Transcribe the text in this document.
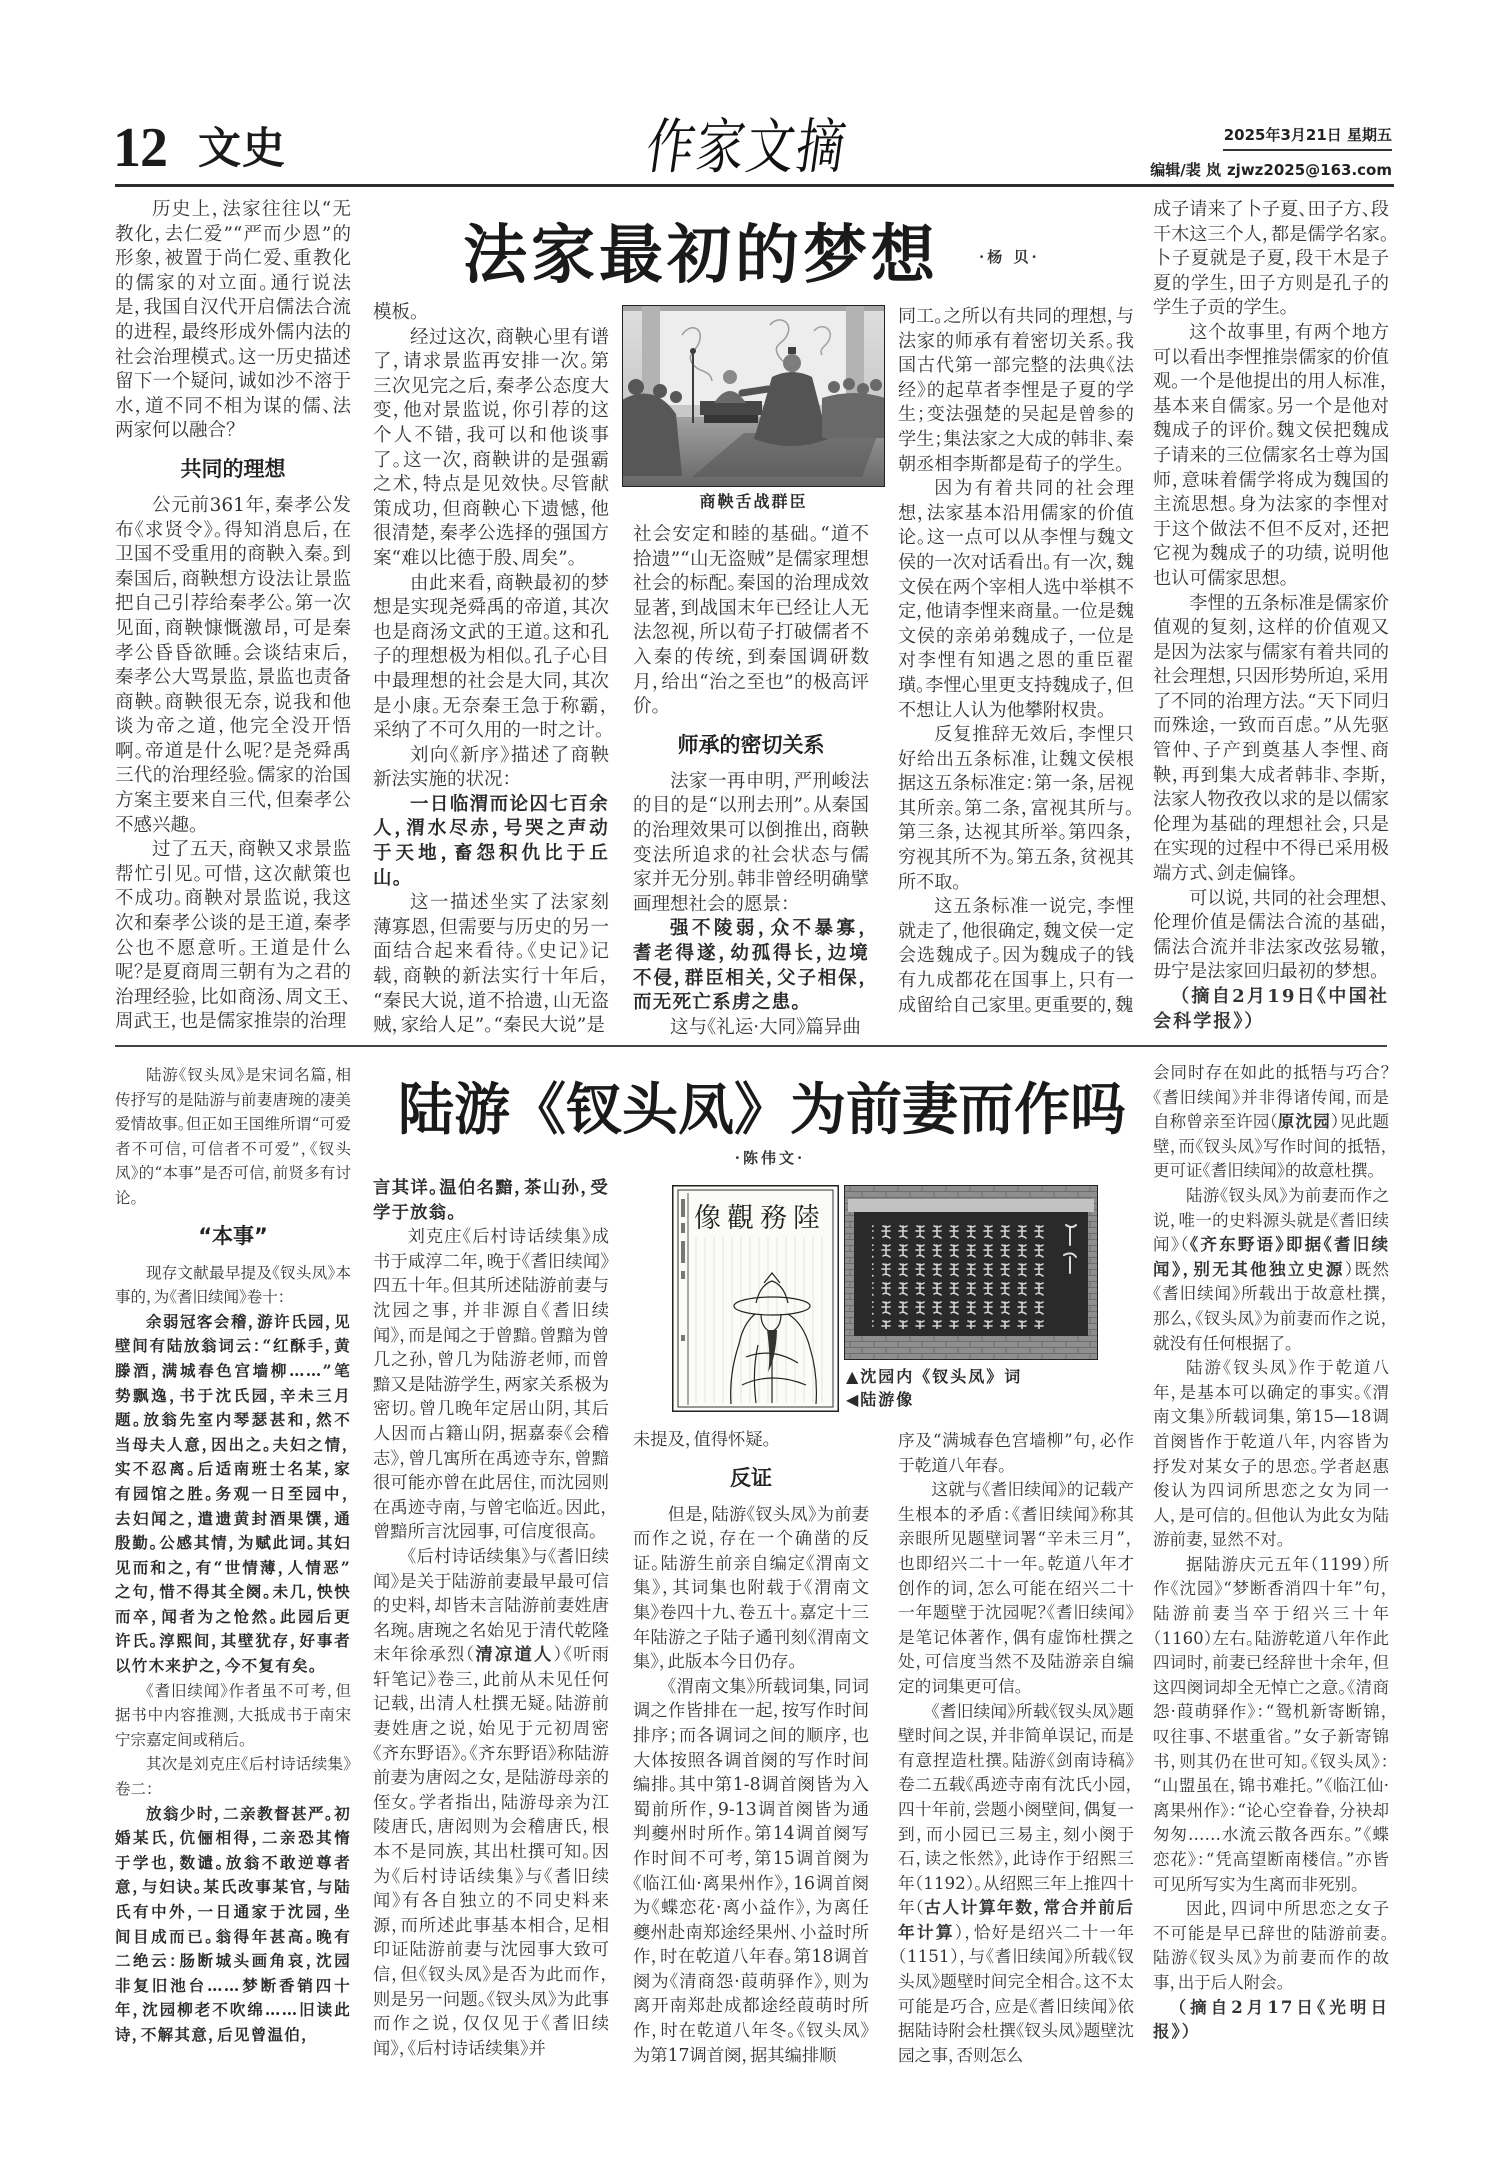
12 文史	作家文摘	2025年3月21日 星期五
编辑/裴 岚 zjwz2025@163.com
法家最初的梦想	·杨 贝·

历史上，法家往往以“无教化，去仁爱”“严而少恩”的形象，被置于尚仁爱、重教化的儒家的对立面。通行说法是，我国自汉代开启儒法合流的进程，最终形成外儒内法的社会治理模式。这一历史描述留下一个疑问，诚如沙不溶于水，道不同不相为谋的儒、法两家何以融合？

共同的理想

公元前361年，秦孝公发布《求贤令》。得知消息后，在卫国不受重用的商鞅入秦。到秦国后，商鞅想方设法让景监把自己引荐给秦孝公。第一次见面，商鞅慷慨激昂，可是秦孝公昏昏欲睡。会谈结束后，秦孝公大骂景监，景监也责备商鞅。商鞅很无奈，说我和他谈为帝之道，他完全没开悟啊。帝道是什么呢？是尧舜禹三代的治理经验。儒家的治国方案主要来自三代，但秦孝公不感兴趣。

过了五天，商鞅又求景监帮忙引见。可惜，这次献策也不成功。商鞅对景监说，我这次和秦孝公谈的是王道，秦孝公也不愿意听。王道是什么呢？是夏商周三朝有为之君的治理经验，比如商汤、周文王、周武王，也是儒家推崇的治理

模板。

经过这次，商鞅心里有谱了，请求景监再安排一次。第三次见完之后，秦孝公态度大变，他对景监说，你引荐的这个人不错，我可以和他谈事了。这一次，商鞅讲的是强霸之术，特点是见效快。尽管献策成功，但商鞅心下遗憾，他很清楚，秦孝公选择的强国方案“难以比德于殷、周矣”。

由此来看，商鞅最初的梦想是实现尧舜禹的帝道，其次也是商汤文武的王道。这和孔子的理想极为相似。孔子心目中最理想的社会是大同，其次是小康。无奈秦王急于称霸，采纳了不可久用的一时之计。

刘向《新序》描述了商鞅新法实施的状况：

一日临渭而论囚七百余人，渭水尽赤，号哭之声动于天地，畜怨积仇比于丘山。

这一描述坐实了法家刻薄寡恩，但需要与历史的另一面结合起来看待。《史记》记载，商鞅的新法实行十年后，“秦民大说，道不拾遗，山无盗贼，家给人足”。“秦民大说”是

商鞅舌战群臣

社会安定和睦的基础。“道不拾遗”“山无盗贼”是儒家理想社会的标配。秦国的治理成效显著，到战国末年已经让人无法忽视，所以荀子打破儒者不入秦的传统，到秦国调研数月，给出“治之至也”的极高评价。

师承的密切关系

法家一再申明，严刑峻法的目的是“以刑去刑”。从秦国的治理效果可以倒推出，商鞅变法所追求的社会状态与儒家并无分别。韩非曾经明确擘画理想社会的愿景：

强不陵弱，众不暴寡，耆老得遂，幼孤得长，边境不侵，群臣相关，父子相保，而无死亡系虏之患。

这与《礼运·大同》篇异曲

同工。之所以有共同的理想，与法家的师承有着密切关系。我国古代第一部完整的法典《法经》的起草者李悝是子夏的学生；变法强楚的吴起是曾参的学生；集法家之大成的韩非、秦朝丞相李斯都是荀子的学生。

因为有着共同的社会理想，法家基本沿用儒家的价值论。这一点可以从李悝与魏文侯的一次对话看出。有一次，魏文侯在两个宰相人选中举棋不定，他请李悝来商量。一位是魏文侯的亲弟弟魏成子，一位是对李悝有知遇之恩的重臣翟璜。李悝心里更支持魏成子，但不想让人认为他攀附权贵。

反复推辞无效后，李悝只好给出五条标准，让魏文侯根据这五条标准定：第一条，居视其所亲。第二条，富视其所与。第三条，达视其所举。第四条，穷视其所不为。第五条，贫视其所不取。

这五条标准一说完，李悝就走了，他很确定，魏文侯一定会选魏成子。因为魏成子的钱有九成都花在国事上，只有一成留给自己家里。更重要的，魏

成子请来了卜子夏、田子方、段干木这三个人，都是儒学名家。卜子夏就是子夏，段干木是子夏的学生，田子方则是孔子的学生子贡的学生。

这个故事里，有两个地方可以看出李悝推崇儒家的价值观。一个是他提出的用人标准，基本来自儒家。另一个是他对魏成子的评价。魏文侯把魏成子请来的三位儒家名士尊为国师，意味着儒学将成为魏国的主流思想。身为法家的李悝对于这个做法不但不反对，还把它视为魏成子的功绩，说明他也认可儒家思想。

李悝的五条标准是儒家价值观的复刻，这样的价值观又是因为法家与儒家有着共同的社会理想，只因形势所迫，采用了不同的治理方法。“天下同归而殊途，一致而百虑。”从先驱管仲、子产到奠基人李悝、商鞅，再到集大成者韩非、李斯，法家人物孜孜以求的是以儒家伦理为基础的理想社会，只是在实现的过程中不得已采用极端方式、剑走偏锋。

可以说，共同的社会理想、伦理价值是儒法合流的基础，儒法合流并非法家改弦易辙，毋宁是法家回归最初的梦想。

（摘自2月19日《中国社会科学报》）

陆游《钗头凤》为前妻而作吗
·陈伟文·

陆游《钗头凤》是宋词名篇，相传抒写的是陆游与前妻唐琬的凄美爱情故事。但正如王国维所谓“可爱者不可信，可信者不可爱”，《钗头凤》的“本事”是否可信，前贤多有讨论。

“本事”

现存文献最早提及《钗头凤》本事的，为《耆旧续闻》卷十：

余弱冠客会稽，游许氏园，见壁间有陆放翁词云：“红酥手，黄滕酒，满城春色宫墙柳……”笔势飘逸，书于沈氏园，辛未三月题。放翁先室内琴瑟甚和，然不当母夫人意，因出之。夫妇之情，实不忍离。后适南班士名某，家有园馆之胜。务观一日至园中，去妇闻之，遣遗黄封酒果馔，通殷勤。公感其情，为赋此词。其妇见而和之，有“世情薄，人情恶”之句，惜不得其全阕。未几，怏怏而卒，闻者为之怆然。此园后更许氏。淳熙间，其壁犹存，好事者以竹木来护之，今不复有矣。

《耆旧续闻》作者虽不可考，但据书中内容推测，大抵成书于南宋宁宗嘉定间或稍后。

其次是刘克庄《后村诗话续集》卷二：

放翁少时，二亲教督甚严。初婚某氏，伉俪相得，二亲恐其惰于学也，数谴。放翁不敢逆尊者意，与妇诀。某氏改事某官，与陆氏有中外，一日通家于沈园，坐间目成而已。翁得年甚高。晚有二绝云：肠断城头画角哀，沈园非复旧池台……梦断香销四十年，沈园柳老不吹绵……旧读此诗，不解其意，后见曾温伯，

言其详。温伯名黯，茶山孙，受学于放翁。

刘克庄《后村诗话续集》成书于咸淳二年，晚于《耆旧续闻》四五十年。但其所述陆游前妻与沈园之事，并非源自《耆旧续闻》，而是闻之于曾黯。曾黯为曾几之孙，曾几为陆游老师，而曾黯又是陆游学生，两家关系极为密切。曾几晚年定居山阴，其后人因而占籍山阴，据嘉泰《会稽志》，曾几寓所在禹迹寺东，曾黯很可能亦曾在此居住，而沈园则在禹迹寺南，与曾宅临近。因此，曾黯所言沈园事，可信度很高。

《后村诗话续集》与《耆旧续闻》是关于陆游前妻最早最可信的史料，却皆未言陆游前妻姓唐名琬。唐琬之名始见于清代乾隆末年徐承烈（清凉道人）《听雨轩笔记》卷三，此前从未见任何记载，出清人杜撰无疑。陆游前妻姓唐之说，始见于元初周密《齐东野语》。《齐东野语》称陆游前妻为唐闳之女，是陆游母亲的侄女。学者指出，陆游母亲为江陵唐氏，唐闳则为会稽唐氏，根本不是同族，其出杜撰可知。因为《后村诗话续集》与《耆旧续闻》有各自独立的不同史料来源，而所述此事基本相合，足相印证陆游前妻与沈园事大致可信，但《钗头凤》是否为此而作，则是另一问题。《钗头凤》为此事而作之说，仅仅见于《耆旧续闻》，《后村诗话续集》并

陸務觀像
▲沈园内《钗头凤》词
◀陆游像

未提及，值得怀疑。

反证

但是，陆游《钗头凤》为前妻而作之说，存在一个确凿的反证。陆游生前亲自编定《渭南文集》，其词集也附载于《渭南文集》卷四十九、卷五十。嘉定十三年陆游之子陆子遹刊刻《渭南文集》，此版本今日仍存。

《渭南文集》所载词集，同词调之作皆排在一起，按写作时间排序；而各调词之间的顺序，也大体按照各调首阕的写作时间编排。其中第1-8调首阕皆为入蜀前所作，9-13调首阕皆为通判夔州时所作。第14调首阕写作时间不可考，第15调首阕为《临江仙·离果州作》，16调首阕为《蝶恋花·离小益作》，为离任夔州赴南郑途经果州、小益时所作，时在乾道八年春。第18调首阕为《清商怨·葭萌驿作》，则为离开南郑赴成都途经葭萌时所作，时在乾道八年冬。《钗头凤》为第17调首阕，据其编排顺

序及“满城春色宫墙柳”句，必作于乾道八年春。

这就与《耆旧续闻》的记载产生根本的矛盾：《耆旧续闻》称其亲眼所见题壁词署“辛未三月”，也即绍兴二十一年。乾道八年才创作的词，怎么可能在绍兴二十一年题壁于沈园呢？《耆旧续闻》是笔记体著作，偶有虚饰杜撰之处，可信度当然不及陆游亲自编定的词集更可信。

《耆旧续闻》所载《钗头凤》题壁时间之误，并非简单误记，而是有意捏造杜撰。陆游《剑南诗稿》卷二五载《禹迹寺南有沈氏小园，四十年前，尝题小阕壁间，偶复一到，而小园已三易主，刻小阕于石，读之怅然》，此诗作于绍熙三年（1192）。从绍熙三年上推四十年（古人计算年数，常合并前后年计算），恰好是绍兴二十一年（1151），与《耆旧续闻》所载《钗头凤》题壁时间完全相合。这不太可能是巧合，应是《耆旧续闻》依据陆诗附会杜撰《钗头凤》题壁沈园之事，否则怎么

会同时存在如此的抵牾与巧合？《耆旧续闻》并非得诸传闻，而是自称曾亲至许园（原沈园）见此题壁，而《钗头凤》写作时间的抵牾，更可证《耆旧续闻》的故意杜撰。

陆游《钗头凤》为前妻而作之说，唯一的史料源头就是《耆旧续闻》（《齐东野语》即据《耆旧续闻》，别无其他独立史源）既然《耆旧续闻》所载出于故意杜撰，那么，《钗头凤》为前妻而作之说，就没有任何根据了。

陆游《钗头凤》作于乾道八年，是基本可以确定的事实。《渭南文集》所载词集，第15—18调首阕皆作于乾道八年，内容皆为抒发对某女子的思恋。学者赵惠俊认为四词所思恋之女为同一人，是可信的。但他认为此女为陆游前妻，显然不对。

据陆游庆元五年（1199）所作《沈园》“梦断香消四十年”句，陆游前妻当卒于绍兴三十年（1160）左右。陆游乾道八年作此四词时，前妻已经辞世十余年，但这四阕词却全无悼亡之意。《清商怨·葭萌驿作》：“鸳机新寄断锦，叹往事、不堪重省。”女子新寄锦书，则其仍在世可知。《钗头凤》：“山盟虽在，锦书难托。”《临江仙·离果州作》：“论心空眷眷，分袂却匆匆……水流云散各西东。”《蝶恋花》：“凭高望断南楼信。”亦皆可见所写实为生离而非死别。

因此，四词中所思恋之女子不可能是早已辞世的陆游前妻。陆游《钗头凤》为前妻而作的故事，出于后人附会。

（摘自2月17日《光明日报》）
